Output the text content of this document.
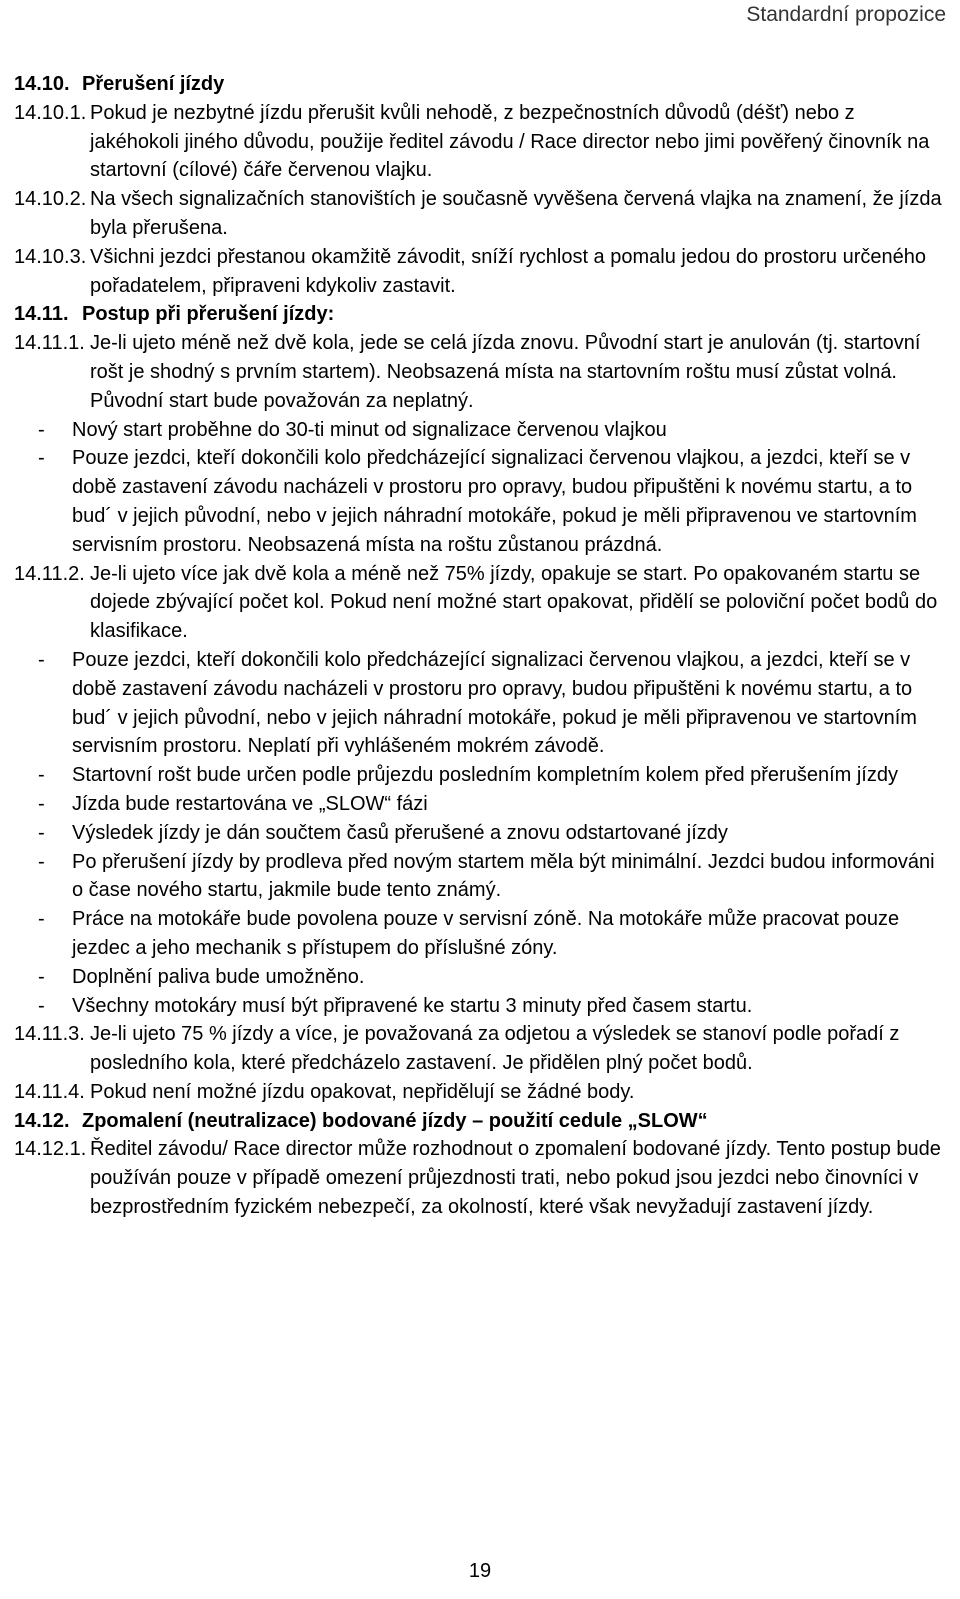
Standardní propozice
14.10. Přerušení jízdy
14.10.1. Pokud je nezbytné jízdu přerušit kvůli nehodě, z bezpečnostních důvodů (déšť) nebo z jakéhokoli jiného důvodu, použije ředitel závodu / Race director nebo jimi pověřený činovník na startovní (cílové) čáře červenou vlajku.

14.10.2. Na všech signalizačních stanovištích je současně vyvěšena červená vlajka na znamení, že jízda byla přerušena.

14.10.3. Všichni jezdci přestanou okamžitě závodit, sníží rychlost a pomalu jedou do prostoru určeného pořadatelem, připraveni kdykoliv zastavit.

14.11. Postup při přerušení jízdy:
14.11.1. Je-li ujeto méně než dvě kola, jede se celá jízda znovu. Původní start je anulován (tj. startovní rošt je shodný s prvním startem). Neobsazená místa na startovním roštu musí zůstat volná. Původní start bude považován za neplatný.

- Nový start proběhne do 30-ti minut od signalizace červenou vlajkou
- Pouze jezdci, kteří dokončili kolo předcházející signalizaci červenou vlajkou, a jezdci, kteří se v době zastavení závodu nacházeli v prostoru pro opravy, budou připuštěni k novému startu, a to bud´ v jejich původní, nebo v jejich náhradní motokáře, pokud je měli připravenou ve startovním servisním prostoru. Neobsazená místa na roštu zůstanou prázdná.
14.11.2. Je-li ujeto více jak dvě kola a méně než 75% jízdy, opakuje se start. Po opakovaném startu se dojede zbývající počet kol. Pokud není možné start opakovat, přidělí se poloviční počet bodů do klasifikace.

- Pouze jezdci, kteří dokončili kolo předcházející signalizaci červenou vlajkou, a jezdci, kteří se v době zastavení závodu nacházeli v prostoru pro opravy, budou připuštěni k novému startu, a to bud´ v jejich původní, nebo v jejich náhradní motokáře, pokud je měli připravenou ve startovním servisním prostoru. Neplatí při vyhlášeném mokrém závodě.
- Startovní rošt bude určen podle průjezdu posledním kompletním kolem před přerušením jízdy
- Jízda bude restartována ve „SLOW“ fázi
- Výsledek jízdy je dán součtem časů přerušené a znovu odstartované jízdy
- Po přerušení jízdy by prodleva před novým startem měla být minimální. Jezdci budou informováni o čase nového startu, jakmile bude tento známý.
- Práce na motokáře bude povolena pouze v servisní zóně. Na motokáře může pracovat pouze jezdec a jeho mechanik s přístupem do příslušné zóny.
- Doplnění paliva bude umožněno.
- Všechny motokáry musí být připravené ke startu 3 minuty před časem startu.
14.11.3. Je-li ujeto 75 % jízdy a více, je považovaná za odjetou a výsledek se stanoví podle pořadí z posledního kola, které předcházelo zastavení. Je přidělen plný počet bodů.

14.11.4. Pokud není možné jízdu opakovat, nepřidělují se žádné body.

14.12. Zpomalení (neutralizace) bodované jízdy – použití cedule „SLOW“
14.12.1. Ředitel závodu/ Race director může rozhodnout o zpomalení bodované jízdy. Tento postup bude používán pouze v případě omezení průjezdnosti trati, nebo pokud jsou jezdci nebo činovníci v bezprostředním fyzickém nebezpečí, za okolností, které však nevyžadují zastavení jízdy.

19
